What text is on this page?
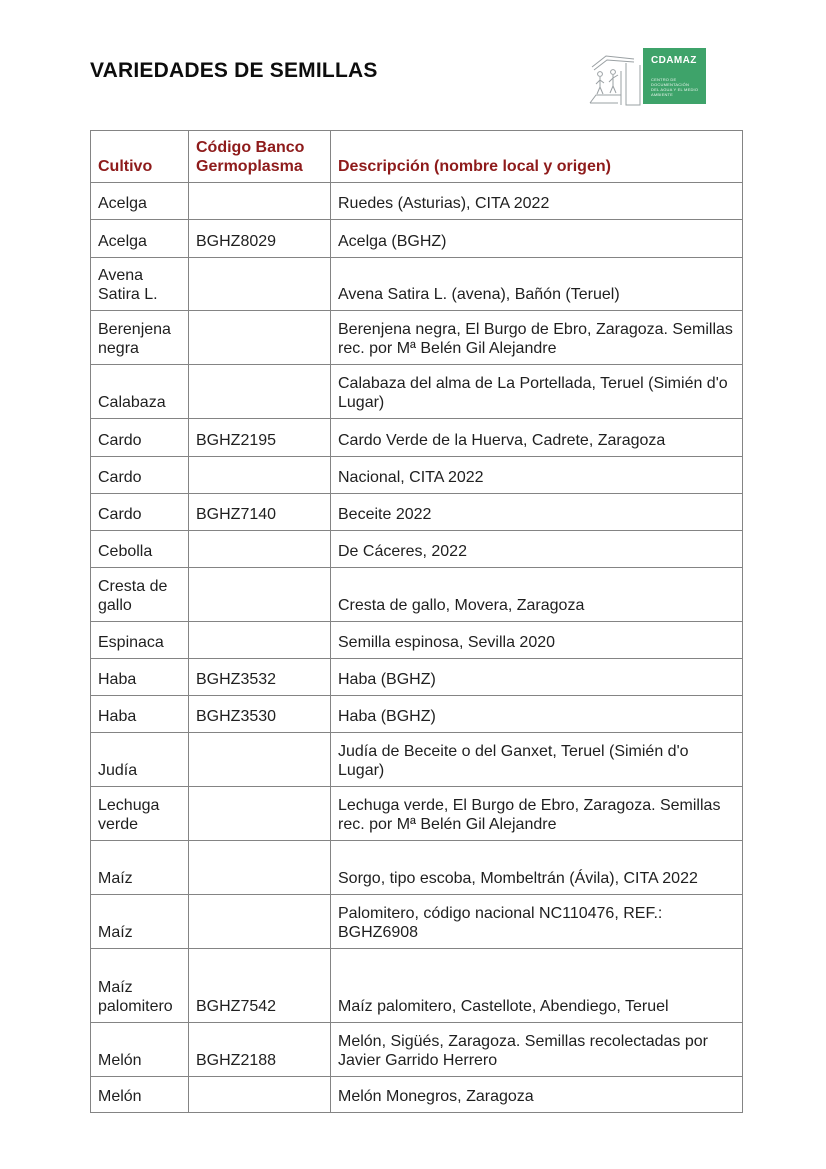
VARIEDADES DE SEMILLAS	CDAMAZ
CENTRO DE DOCUMENTACIÓN
DEL AGUA Y EL MEDIO AMBIENTE
Cultivo	Código Banco Germoplasma	Descripción (nombre local y origen)
Acelga		Ruedes (Asturias), CITA 2022
Acelga	BGHZ8029	Acelga (BGHZ)
Avena Satira L.		Avena Satira L. (avena), Bañón (Teruel)
Berenjena negra		Berenjena negra, El Burgo de Ebro, Zaragoza. Semillas rec. por Mª Belén Gil Alejandre
Calabaza		Calabaza del alma de La Portellada, Teruel (Simién d'o Lugar)
Cardo	BGHZ2195	Cardo Verde de la Huerva, Cadrete, Zaragoza
Cardo		Nacional, CITA 2022
Cardo	BGHZ7140	Beceite 2022
Cebolla		De Cáceres, 2022
Cresta de gallo		Cresta de gallo, Movera, Zaragoza
Espinaca		Semilla espinosa, Sevilla 2020
Haba	BGHZ3532	Haba (BGHZ)
Haba	BGHZ3530	Haba (BGHZ)
Judía		Judía de Beceite o del Ganxet, Teruel (Simién d'o Lugar)
Lechuga verde		Lechuga verde, El Burgo de Ebro, Zaragoza. Semillas rec. por Mª Belén Gil Alejandre
Maíz		Sorgo, tipo escoba, Mombeltrán (Ávila), CITA 2022
Maíz		Palomitero, código nacional NC110476, REF.: BGHZ6908
Maíz palomitero	BGHZ7542	Maíz palomitero, Castellote, Abendiego, Teruel
Melón	BGHZ2188	Melón, Sigüés, Zaragoza. Semillas recolectadas por Javier Garrido Herrero
Melón		Melón Monegros, Zaragoza
